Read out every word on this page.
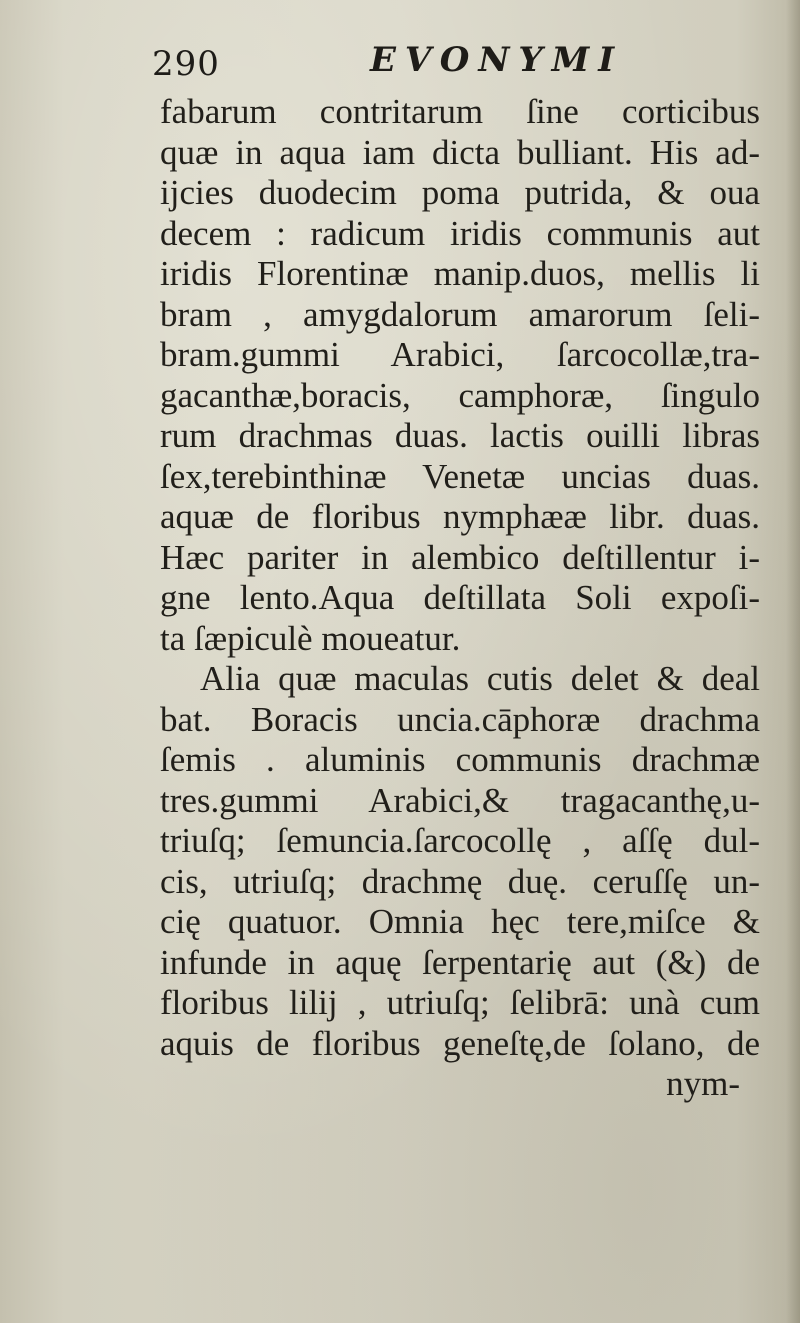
290	EVONYMI
fabarum contritarum ſine corticibus
quæ in aqua iam dicta bulliant. His ad-
ijcies duodecim poma putrida, & oua
decem : radicum iridis communis aut
iridis Florentinæ manip.duos, mellis li
bram , amygdalorum amarorum ſeli-
bram.gummi Arabici, ſarcocollæ,tra-
gacanthæ,boracis, camphoræ, ſingulo
rum drachmas duas. lactis ouilli libras
ſex,terebinthinæ Venetæ uncias duas.
aquæ de floribus nymphææ libr. duas.
Hæc pariter in alembico deſtillentur i-
gne lento.Aqua deſtillata Soli expoſi-
ta ſæpiculè moueatur.
Alia quæ maculas cutis delet & deal
bat. Boracis uncia.cāphoræ drachma
ſemis . aluminis communis drachmæ
tres.gummi Arabici,& tragacanthę,u-
triuſq; ſemuncia.ſarcocollę , aſſę dul-
cis, utriuſq; drachmę duę. ceruſſę un-
cię quatuor. Omnia hęc tere,miſce &
infunde in aquę ſerpentarię aut (&) de
floribus lilij , utriuſq; ſelibrā: unà cum
aquis de floribus geneſtę,de ſolano, de
nym-
